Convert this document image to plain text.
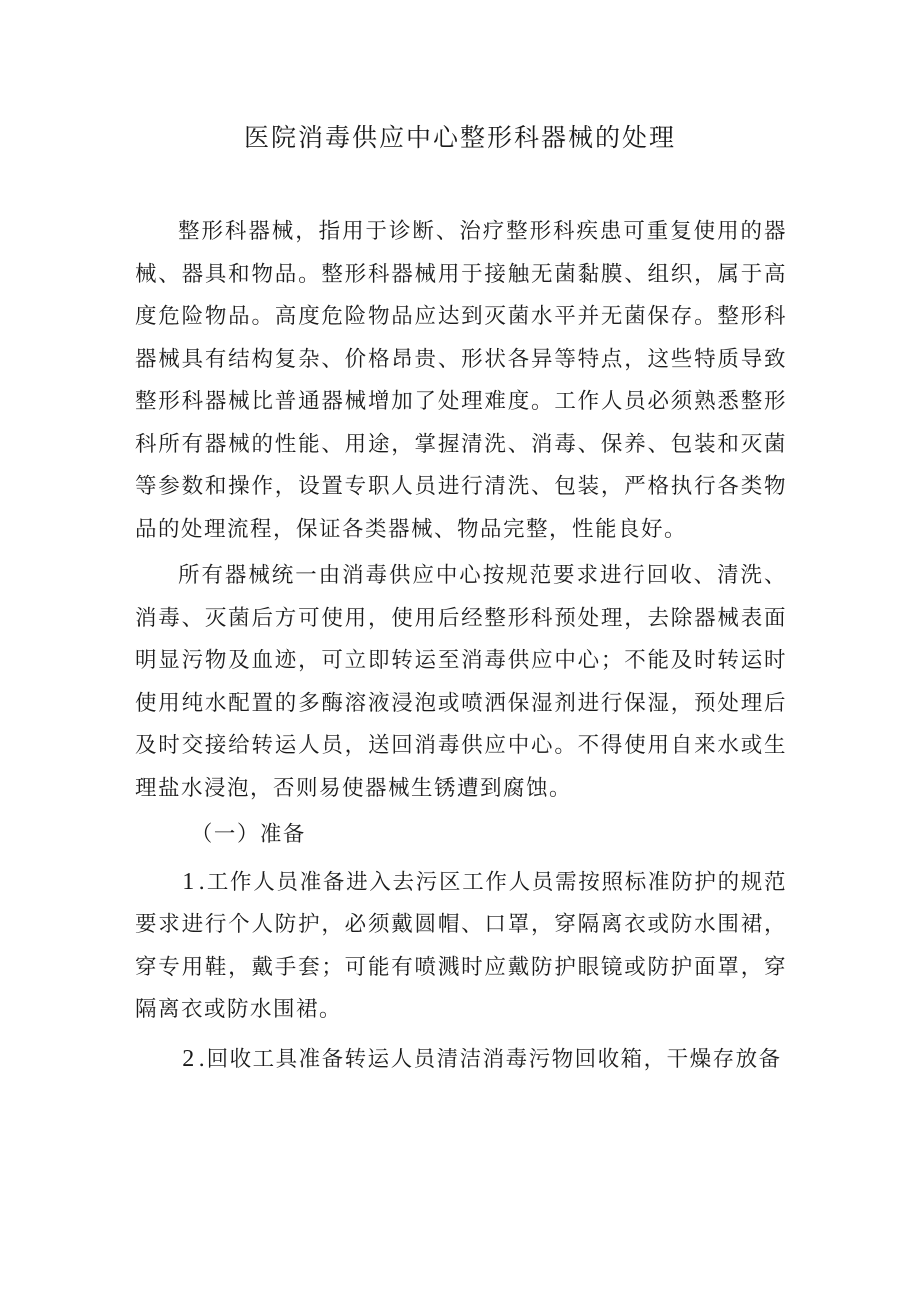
医院消毒供应中心整形科器械的处理

整形科器械，指用于诊断、治疗整形科疾患可重复使用的器械、器具和物品。整形科器械用于接触无菌黏膜、组织，属于高度危险物品。高度危险物品应达到灭菌水平并无菌保存。整形科器械具有结构复杂、价格昂贵、形状各异等特点，这些特质导致整形科器械比普通器械增加了处理难度。工作人员必须熟悉整形科所有器械的性能、用途，掌握清洗、消毒、保养、包装和灭菌等参数和操作，设置专职人员进行清洗、包装，严格执行各类物品的处理流程，保证各类器械、物品完整，性能良好。

所有器械统一由消毒供应中心按规范要求进行回收、清洗、消毒、灭菌后方可使用，使用后经整形科预处理，去除器械表面明显污物及血迹，可立即转运至消毒供应中心；不能及时转运时使用纯水配置的多酶溶液浸泡或喷洒保湿剂进行保湿，预处理后及时交接给转运人员，送回消毒供应中心。不得使用自来水或生理盐水浸泡，否则易使器械生锈遭到腐蚀。

（一）准备

1.工作人员准备进入去污区工作人员需按照标准防护的规范要求进行个人防护，必须戴圆帽、口罩，穿隔离衣或防水围裙，穿专用鞋，戴手套；可能有喷溅时应戴防护眼镜或防护面罩，穿隔离衣或防水围裙。

2.回收工具准备转运人员清洁消毒污物回收箱，干燥存放备
